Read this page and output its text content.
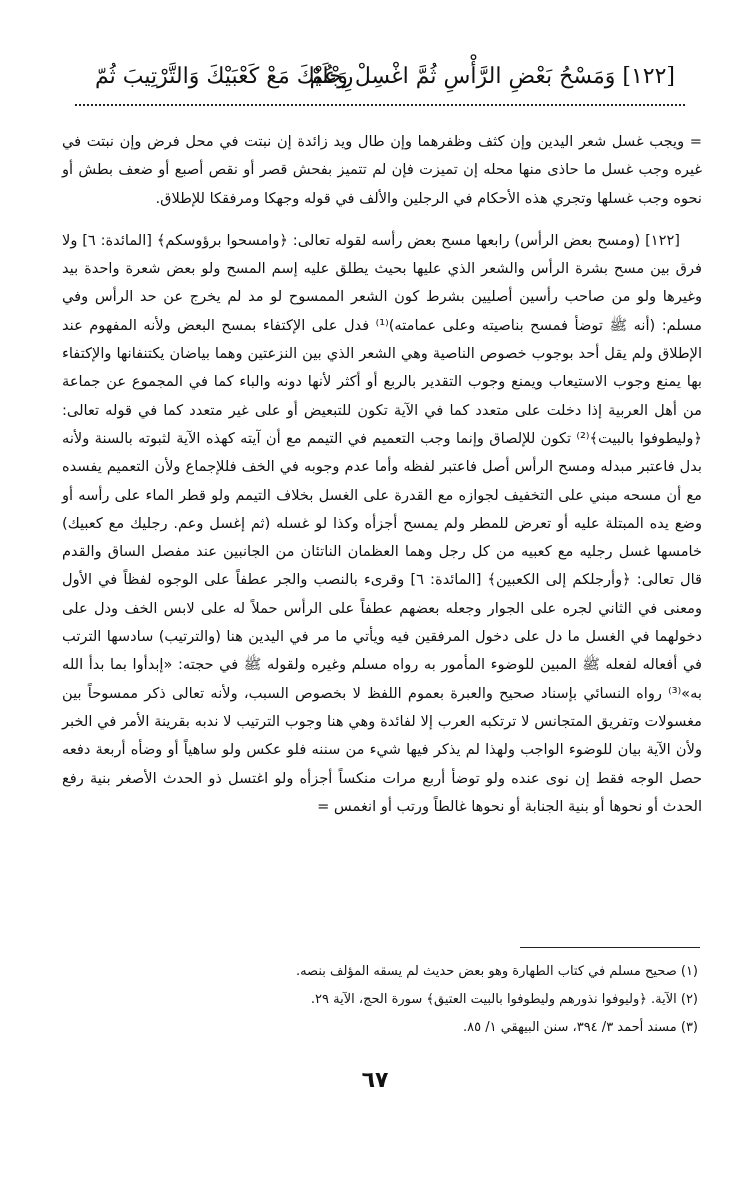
[١٢٢] وَمَسْحُ بَعْضِ الرَّأْسِ ثُمَّ اغْسِلْ وَعُمْ
رِجْلَيْكَ مَعْ كَعْبَيْكَ وَالتَّرْتِيبَ ثُمّ

= ويجب غسل شعر اليدين وإن كثف وظفرهما وإن طال ويد زائدة إن نبتت في محل فرض وإن نبتت في غيره وجب غسل ما حاذى منها محله إن تميزت فإن لم تتميز بفحش قصر أو نقص أصبع أو ضعف بطش أو نحوه وجب غسلها وتجري هذه الأحكام في الرجلين والألف في قوله وجهكا ومرفقكا للإطلاق.

[١٢٢] (ومسح بعض الرأس) رابعها مسح بعض رأسه لقوله تعالى: ﴿وامسحوا برؤوسكم﴾ [المائدة: ٦] ولا فرق بين مسح بشرة الرأس والشعر الذي عليها بحيث يطلق عليه إسم المسح ولو بعض شعرة واحدة بيد وغيرها ولو من صاحب رأسين أصليين بشرط كون الشعر الممسوح لو مد لم يخرج عن حد الرأس وفي مسلم: (أنه ﷺ توضأ فمسح بناصيته وعلى عمامته)⁽¹⁾ فدل على الإكتفاء بمسح البعض ولأنه المفهوم عند الإطلاق ولم يقل أحد بوجوب خصوص الناصية وهي الشعر الذي بين النزعتين وهما بياضان يكتنفانها والإكتفاء بها يمنع وجوب الاستيعاب ويمنع وجوب التقدير بالربع أو أكثر لأنها دونه والباء كما في المجموع عن جماعة من أهل العربية إذا دخلت على متعدد كما في الآية تكون للتبعيض أو على غير متعدد كما في قوله تعالى: ﴿وليطوفوا بالبيت﴾⁽²⁾ تكون للإلصاق وإنما وجب التعميم في التيمم مع أن آيته كهذه الآية لثبوته بالسنة ولأنه بدل فاعتبر مبدله ومسح الرأس أصل فاعتبر لفظه وأما عدم وجوبه في الخف فللإجماع ولأن التعميم يفسده مع أن مسحه مبني على التخفيف لجوازه مع القدرة على الغسل بخلاف التيمم ولو قطر الماء على رأسه أو وضع يده المبتلة عليه أو تعرض للمطر ولم يمسح أجزأه وكذا لو غسله (ثم إغسل وعم. رجليك مع كعبيك) خامسها غسل رجليه مع كعبيه من كل رجل وهما العظمان الناتئان من الجانبين عند مفصل الساق والقدم قال تعالى: ﴿وأرجلكم إلى الكعبين﴾ [المائدة: ٦] وقرىء بالنصب والجر عطفاً على الوجوه لفظاً في الأول ومعنى في الثاني لجره على الجوار وجعله بعضهم عطفاً على الرأس حملاً له على لابس الخف ودل على دخولهما في الغسل ما دل على دخول المرفقين فيه ويأتي ما مر في اليدين هنا (والترتيب) سادسها الترتب في أفعاله لفعله ﷺ المبين للوضوء المأمور به رواه مسلم وغيره ولقوله ﷺ في حجته: «إبدأوا بما بدأ الله به»⁽³⁾ رواه النسائي بإسناد صحيح والعبرة بعموم اللفظ لا بخصوص السبب، ولأنه تعالى ذكر ممسوحاً بين مغسولات وتفريق المتجانس لا ترتكبه العرب إلا لفائدة وهي هنا وجوب الترتيب لا ندبه بقرينة الأمر في الخبر ولأن الآية بيان للوضوء الواجب ولهذا لم يذكر فيها شيء من سننه فلو عكس ولو ساهياً أو وضأه أربعة دفعه حصل الوجه فقط إن نوى عنده ولو توضأ أربع مرات منكساً أجزأه ولو اغتسل ذو الحدث الأصغر بنية رفع الحدث أو نحوها أو بنية الجنابة أو نحوها غالطاً ورتب أو انغمس =

(١) صحيح مسلم في كتاب الطهارة وهو بعض حديث لم يسقه المؤلف بنصه.
(٢) الآية. ﴿وليوفوا نذورهم وليطوفوا بالبيت العتيق﴾ سورة الحج، الآية ٢٩.
(٣) مسند أحمد ٣/ ٣٩٤، سنن البيهقي ١/ ٨٥.
٦٧
